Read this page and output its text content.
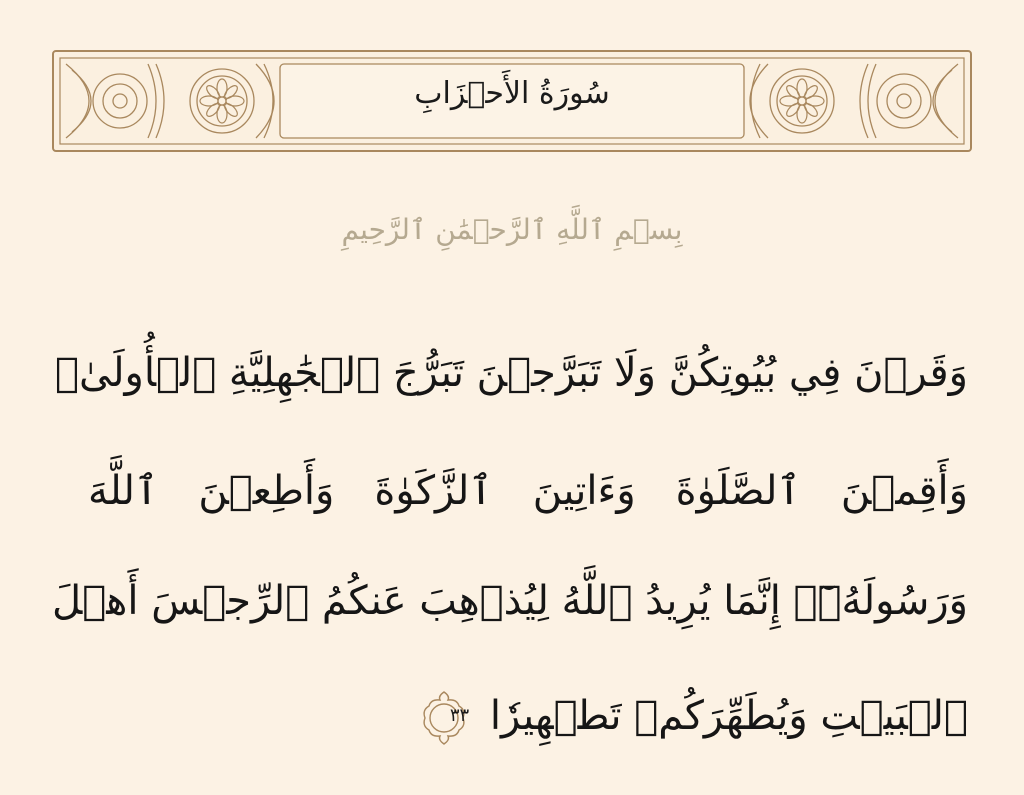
سُورَةُ الأَحۡزَابِ
بِسۡمِ ٱللَّهِ ٱلرَّحۡمَٰنِ ٱلرَّحِيمِ
وَقَرۡنَ فِي بُيُوتِكُنَّ وَلَا تَبَرَّجۡنَ تَبَرُّجَ ٱلۡجَٰهِلِيَّةِ ٱلۡأُولَىٰۖ
وَأَقِمۡنَ ٱلصَّلَوٰةَ وَءَاتِينَ ٱلزَّكَوٰةَ وَأَطِعۡنَ ٱللَّهَ
وَرَسُولَهُۥٓۚ إِنَّمَا يُرِيدُ ٱللَّهُ لِيُذۡهِبَ عَنكُمُ ٱلرِّجۡسَ أَهۡلَ
ٱلۡبَيۡتِ وَيُطَهِّرَكُمۡ تَطۡهِيرٗا
٣٣
